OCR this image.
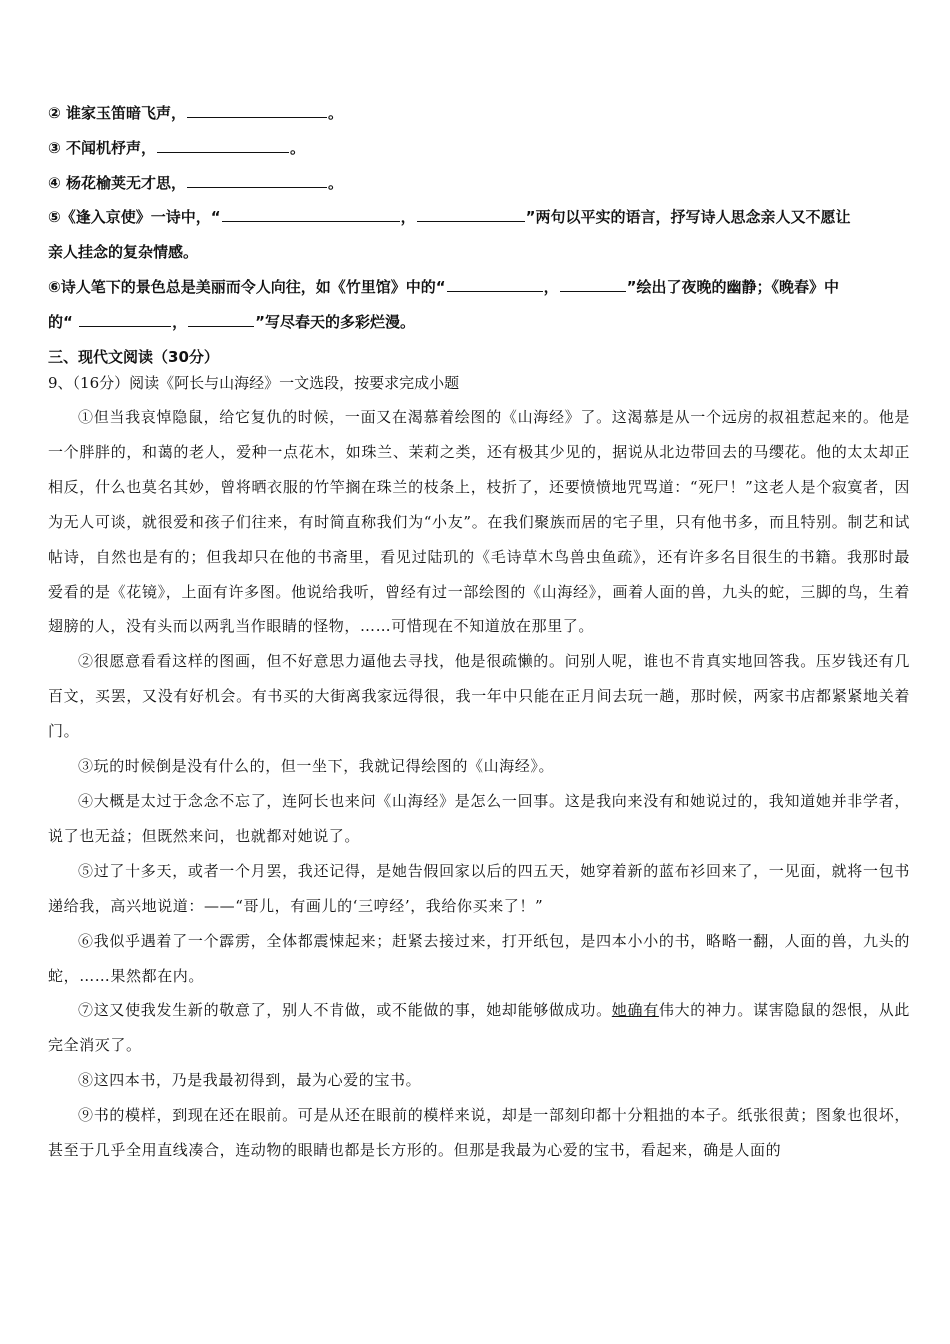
② 谁家玉笛暗飞声，	。
③ 不闻机杼声，	。
④ 杨花榆荚无才思，	。
⑤《逢入京使》一诗中，“	，	”两句以平实的语言，抒写诗人思念亲人又不愿让
亲人挂念的复杂情感。
⑥诗人笔下的景色总是美丽而令人向往，如《竹里馆》中的“	，	”绘出了夜晚的幽静；《晚春》中
的“	，	”写尽春天的多彩烂漫。
三、现代文阅读（30分）
9、（16分）阅读《阿长与山海经》一文选段，按要求完成小题

①但当我哀悼隐鼠，给它复仇的时候，一面又在渴慕着绘图的《山海经》了。这渴慕是从一个远房的叔祖惹起来的。他是一个胖胖的，和蔼的老人，爱种一点花木，如珠兰、茉莉之类，还有极其少见的，据说从北边带回去的马缨花。他的太太却正相反，什么也莫名其妙，曾将晒衣服的竹竿搁在珠兰的枝条上，枝折了，还要愤愤地咒骂道：“死尸！”这老人是个寂寞者，因为无人可谈，就很爱和孩子们往来，有时简直称我们为“小友”。在我们聚族而居的宅子里，只有他书多，而且特别。制艺和试帖诗，自然也是有的；但我却只在他的书斋里，看见过陆玑的《毛诗草木鸟兽虫鱼疏》，还有许多名目很生的书籍。我那时最爱看的是《花镜》，上面有许多图。他说给我听，曾经有过一部绘图的《山海经》，画着人面的兽，九头的蛇，三脚的鸟，生着翅膀的人，没有头而以两乳当作眼睛的怪物，……可惜现在不知道放在那里了。

②很愿意看看这样的图画，但不好意思力逼他去寻找，他是很疏懒的。问别人呢，谁也不肯真实地回答我。压岁钱还有几百文，买罢，又没有好机会。有书买的大街离我家远得很，我一年中只能在正月间去玩一趟，那时候，两家书店都紧紧地关着门。

③玩的时候倒是没有什么的，但一坐下，我就记得绘图的《山海经》。

④大概是太过于念念不忘了，连阿长也来问《山海经》是怎么一回事。这是我向来没有和她说过的，我知道她并非学者，说了也无益；但既然来问，也就都对她说了。

⑤过了十多天，或者一个月罢，我还记得，是她告假回家以后的四五天，她穿着新的蓝布衫回来了，一见面，就将一包书递给我，高兴地说道：——“哥儿，有画儿的‘三哼经’，我给你买来了！”

⑥我似乎遇着了一个霹雳，全体都震悚起来；赶紧去接过来，打开纸包，是四本小小的书，略略一翻，人面的兽，九头的蛇，……果然都在内。

⑦这又使我发生新的敬意了，别人不肯做，或不能做的事，她却能够做成功。她确有伟大的神力。谋害隐鼠的怨恨，从此完全消灭了。

⑧这四本书，乃是我最初得到，最为心爱的宝书。

⑨书的模样，到现在还在眼前。可是从还在眼前的模样来说，却是一部刻印都十分粗拙的本子。纸张很黄；图象也很坏，甚至于几乎全用直线凑合，连动物的眼睛也都是长方形的。但那是我最为心爱的宝书，看起来，确是人面的
